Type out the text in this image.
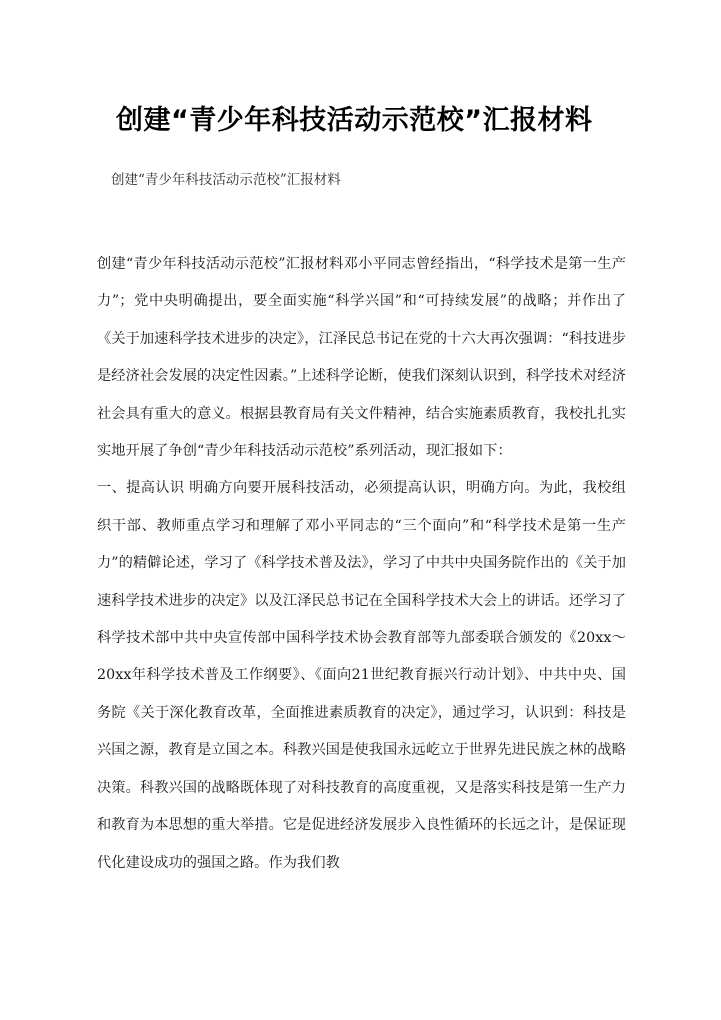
创建“青少年科技活动示范校”汇报材料
创建“青少年科技活动示范校”汇报材料

创建“青少年科技活动示范校”汇报材料邓小平同志曾经指出，“科学技术是第一生产力”；党中央明确提出，要全面实施“科学兴国”和“可持续发展”的战略；并作出了《关于加速科学技术进步的决定》，江泽民总书记在党的十六大再次强调：“科技进步是经济社会发展的决定性因素。”上述科学论断，使我们深刻认识到，科学技术对经济社会具有重大的意义。根据县教育局有关文件精神，结合实施素质教育，我校扎扎实实地开展了争创“青少年科技活动示范校”系列活动，现汇报如下：

一、提高认识 明确方向要开展科技活动，必须提高认识，明确方向。为此，我校组织干部、教师重点学习和理解了邓小平同志的“三个面向”和“科学技术是第一生产力”的精僻论述，学习了《科学技术普及法》，学习了中共中央国务院作出的《关于加速科学技术进步的决定》以及江泽民总书记在全国科学技术大会上的讲话。还学习了科学技术部中共中央宣传部中国科学技术协会教育部等九部委联合颁发的《20xx～20xx年科学技术普及工作纲要》、《面向21世纪教育振兴行动计划》、中共中央、国务院《关于深化教育改革，全面推进素质教育的决定》，通过学习，认识到：科技是兴国之源，教育是立国之本。科教兴国是使我国永远屹立于世界先进民族之林的战略决策。科教兴国的战略既体现了对科技教育的高度重视，又是落实科技是第一生产力和教育为本思想的重大举措。它是促进经济发展步入良性循环的长远之计，是保证现代化建设成功的强国之路。作为我们教
